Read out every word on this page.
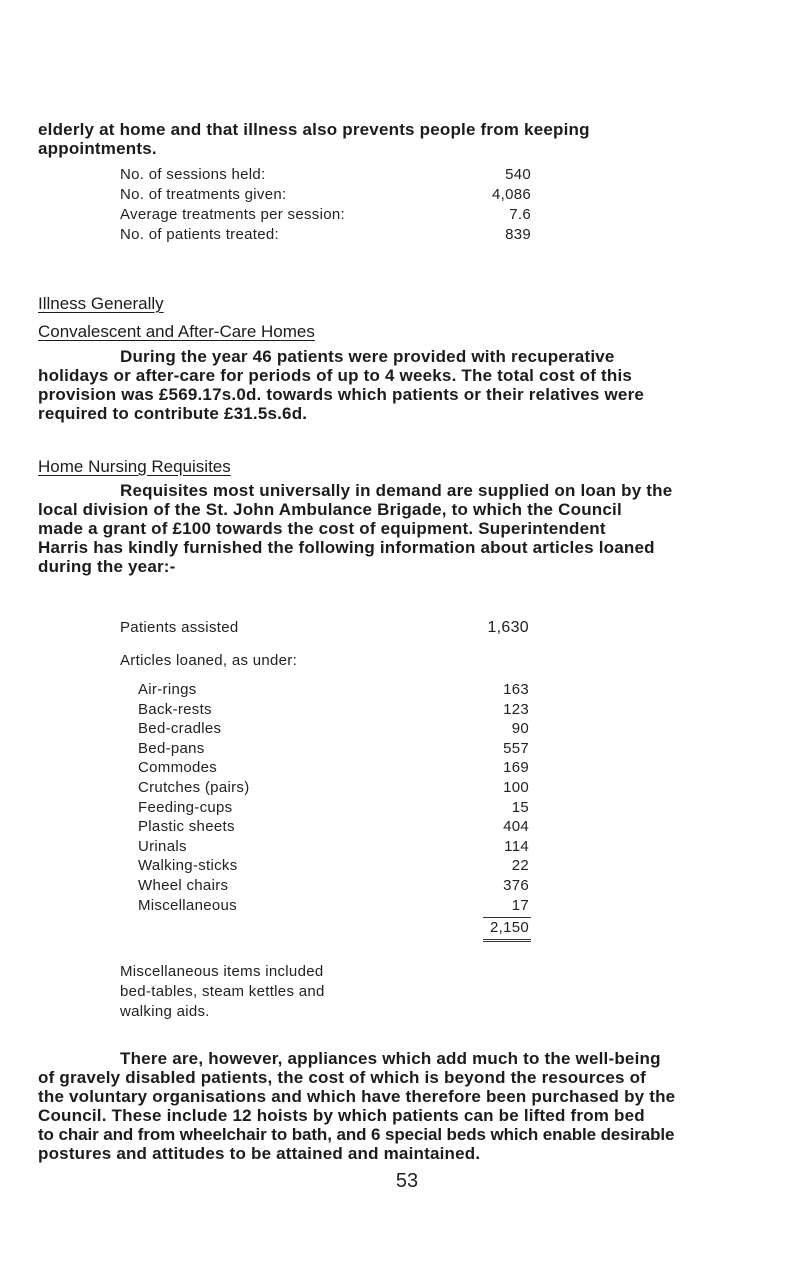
elderly at home and that illness also prevents people from keeping
appointments.
No. of sessions held:	540
No. of treatments given:	4,086
Average treatments per session:	7.6
No. of patients treated:	839
Illness Generally
Convalescent and After-Care Homes
During the year 46 patients were provided with recuperative
holidays or after-care for periods of up to 4 weeks. The total cost of this
provision was £569.17s.0d. towards which patients or their relatives were
required to contribute £31.5s.6d.
Home Nursing Requisites
Requisites most universally in demand are supplied on loan by the
local division of the St. John Ambulance Brigade, to which the Council
made a grant of £100 towards the cost of equipment. Superintendent
Harris has kindly furnished the following information about articles loaned
during the year:-
Patients assisted	1,630
Articles loaned, as under:
Air-rings	163
Back-rests	123
Bed-cradles	90
Bed-pans	557
Commodes	169
Crutches (pairs)	100
Feeding-cups	15
Plastic sheets	404
Urinals	114
Walking-sticks	22
Wheel chairs	376
Miscellaneous	17
2,150
Miscellaneous items included
bed-tables, steam kettles and
walking aids.
There are, however, appliances which add much to the well-being
of gravely disabled patients, the cost of which is beyond the resources of
the voluntary organisations and which have therefore been purchased by the
Council. These include 12 hoists by which patients can be lifted from bed
to chair and from wheelchair to bath, and 6 special beds which enable desirable
postures and attitudes to be attained and maintained.
53
